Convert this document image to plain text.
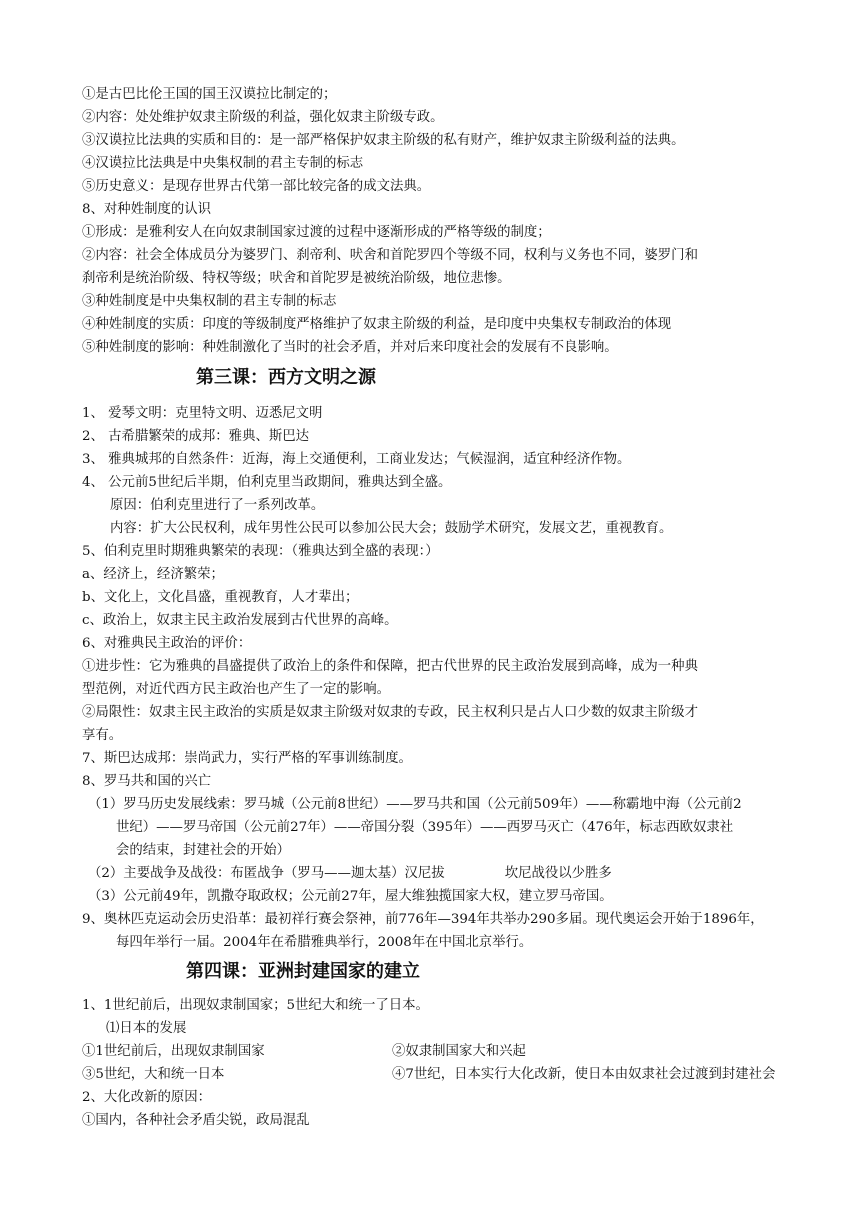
①是古巴比伦王国的国王汉谟拉比制定的；
②内容：处处维护奴隶主阶级的利益，强化奴隶主阶级专政。
③汉谟拉比法典的实质和目的：是一部严格保护奴隶主阶级的私有财产，维护奴隶主阶级利益的法典。
④汉谟拉比法典是中央集权制的君主专制的标志
⑤历史意义：是现存世界古代第一部比较完备的成文法典。
8、对种姓制度的认识
①形成：是雅利安人在向奴隶制国家过渡的过程中逐渐形成的严格等级的制度；
②内容：社会全体成员分为婆罗门、刹帝利、吠舍和首陀罗四个等级不同，权利与义务也不同，婆罗门和
刹帝利是统治阶级、特权等级；吠舍和首陀罗是被统治阶级，地位悲惨。
③种姓制度是中央集权制的君主专制的标志
④种姓制度的实质：印度的等级制度严格维护了奴隶主阶级的利益，是印度中央集权专制政治的体现
⑤种姓制度的影响：种姓制激化了当时的社会矛盾，并对后来印度社会的发展有不良影响。
第三课：西方文明之源
1、 爱琴文明：克里特文明、迈悉尼文明
2、 古希腊繁荣的成邦：雅典、斯巴达
3、 雅典城邦的自然条件：近海，海上交通便利，工商业发达；气候湿润，适宜种经济作物。
4、 公元前5世纪后半期，伯利克里当政期间，雅典达到全盛。
原因：伯利克里进行了一系列改革。
内容：扩大公民权利，成年男性公民可以参加公民大会；鼓励学术研究，发展文艺，重视教育。
5、伯利克里时期雅典繁荣的表现：（雅典达到全盛的表现：）
a、经济上，经济繁荣；
b、文化上，文化昌盛，重视教育，人才辈出；
c、政治上，奴隶主民主政治发展到古代世界的高峰。
6、对雅典民主政治的评价：
①进步性：它为雅典的昌盛提供了政治上的条件和保障，把古代世界的民主政治发展到高峰，成为一种典
型范例，对近代西方民主政治也产生了一定的影响。
②局限性：奴隶主民主政治的实质是奴隶主阶级对奴隶的专政，民主权利只是占人口少数的奴隶主阶级才
享有。
7、斯巴达成邦：崇尚武力，实行严格的军事训练制度。
8、罗马共和国的兴亡
（1）罗马历史发展线索：罗马城（公元前8世纪）——罗马共和国（公元前509年）——称霸地中海（公元前2
世纪）——罗马帝国（公元前27年）——帝国分裂（395年）——西罗马灭亡（476年，标志西欧奴隶社
会的结束，封建社会的开始）
（2）主要战争及战役：布匿战争（罗马——迦太基）汉尼拔	坎尼战役以少胜多
（3）公元前49年，凯撒夺取政权；公元前27年，屋大维独揽国家大权，建立罗马帝国。
9、奥林匹克运动会历史沿革：最初祥行赛会祭神，前776年—394年共举办290多届。现代奥运会开始于1896年，
每四年举行一届。2004年在希腊雅典举行，2008年在中国北京举行。
第四课：亚洲封建国家的建立
1、1世纪前后，出现奴隶制国家；5世纪大和统一了日本。
⑴日本的发展
①1世纪前后，出现奴隶制国家	②奴隶制国家大和兴起
③5世纪，大和统一日本	④7世纪，日本实行大化改新，使日本由奴隶社会过渡到封建社会
2、大化改新的原因：
①国内，各种社会矛盾尖锐，政局混乱
